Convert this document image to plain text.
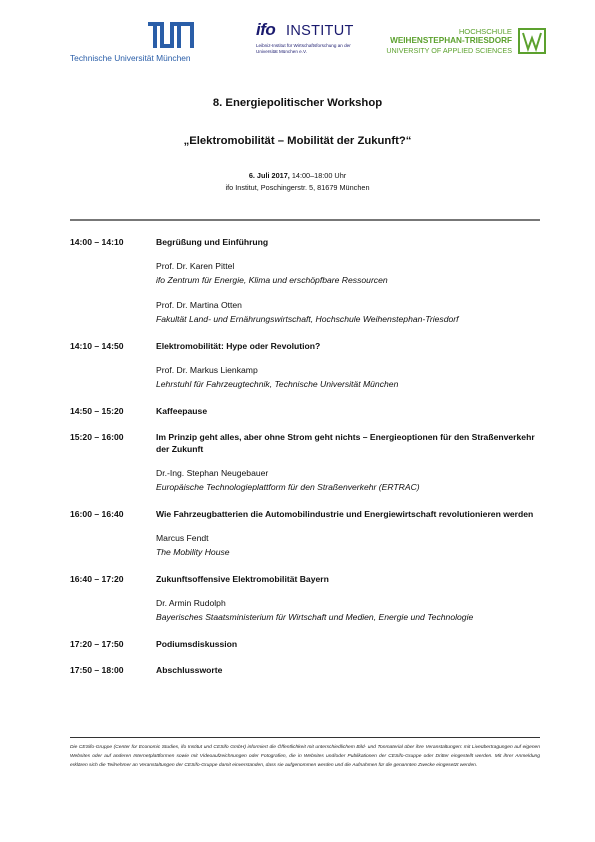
Technische Universität München
ifo INSTITUT
Leibniz-Institut für Wirtschaftsforschung an der Universität München e.V.
HOCHSCHULE
WEIHENSTEPHAN-TRIESDORF
UNIVERSITY OF APPLIED SCIENCES
8. Energiepolitischer Workshop
„Elektromobilität – Mobilität der Zukunft?“
6. Juli 2017, 14:00–18:00 Uhr
ifo Institut, Poschingerstr. 5, 81679 München
14:00 – 14:10	Begrüßung und Einführung
Prof. Dr. Karen Pittel
ifo Zentrum für Energie, Klima und erschöpfbare Ressourcen
Prof. Dr. Martina Otten
Fakultät Land- und Ernährungswirtschaft, Hochschule Weihenstephan-Triesdorf
14:10 – 14:50	Elektromobilität: Hype oder Revolution?
Prof. Dr. Markus Lienkamp
Lehrstuhl für Fahrzeugtechnik, Technische Universität München
14:50 – 15:20	Kaffeepause
15:20 – 16:00	Im Prinzip geht alles, aber ohne Strom geht nichts – Energieoptionen für den Straßenverkehr der Zukunft
Dr.-Ing. Stephan Neugebauer
Europäische Technologieplattform für den Straßenverkehr (ERTRAC)
16:00 – 16:40	Wie Fahrzeugbatterien die Automobilindustrie und Energiewirtschaft revolutionieren werden
Marcus Fendt
The Mobility House
16:40 – 17:20	Zukunftsoffensive Elektromobilität Bayern
Dr. Armin Rudolph
Bayerisches Staatsministerium für Wirtschaft und Medien, Energie und Technologie
17:20 – 17:50	Podiumsdiskussion
17:50 – 18:00	Abschlussworte
Die CESifo-Gruppe (Center for Economic Studies, ifo Institut und CESifo GmbH) informiert die Öffentlichkeit mit unterschiedlichem Bild- und Tonmaterial über ihre Veranstaltungen: mit Liveübertragungen auf eigenen Websites oder auf anderen Internetplattformen sowie mit Videoaufzeichnungen oder Fotografien, die in Websites und/oder Publikationen der CESifo-Gruppe oder Dritter eingestellt werden. Mit ihrer Anmeldung erklären sich die Teilnehmer an Veranstaltungen der CESifo-Gruppe damit einverstanden, dass sie aufgenommen werden und die Aufnahmen für die genannten Zwecke eingesetzt werden.
